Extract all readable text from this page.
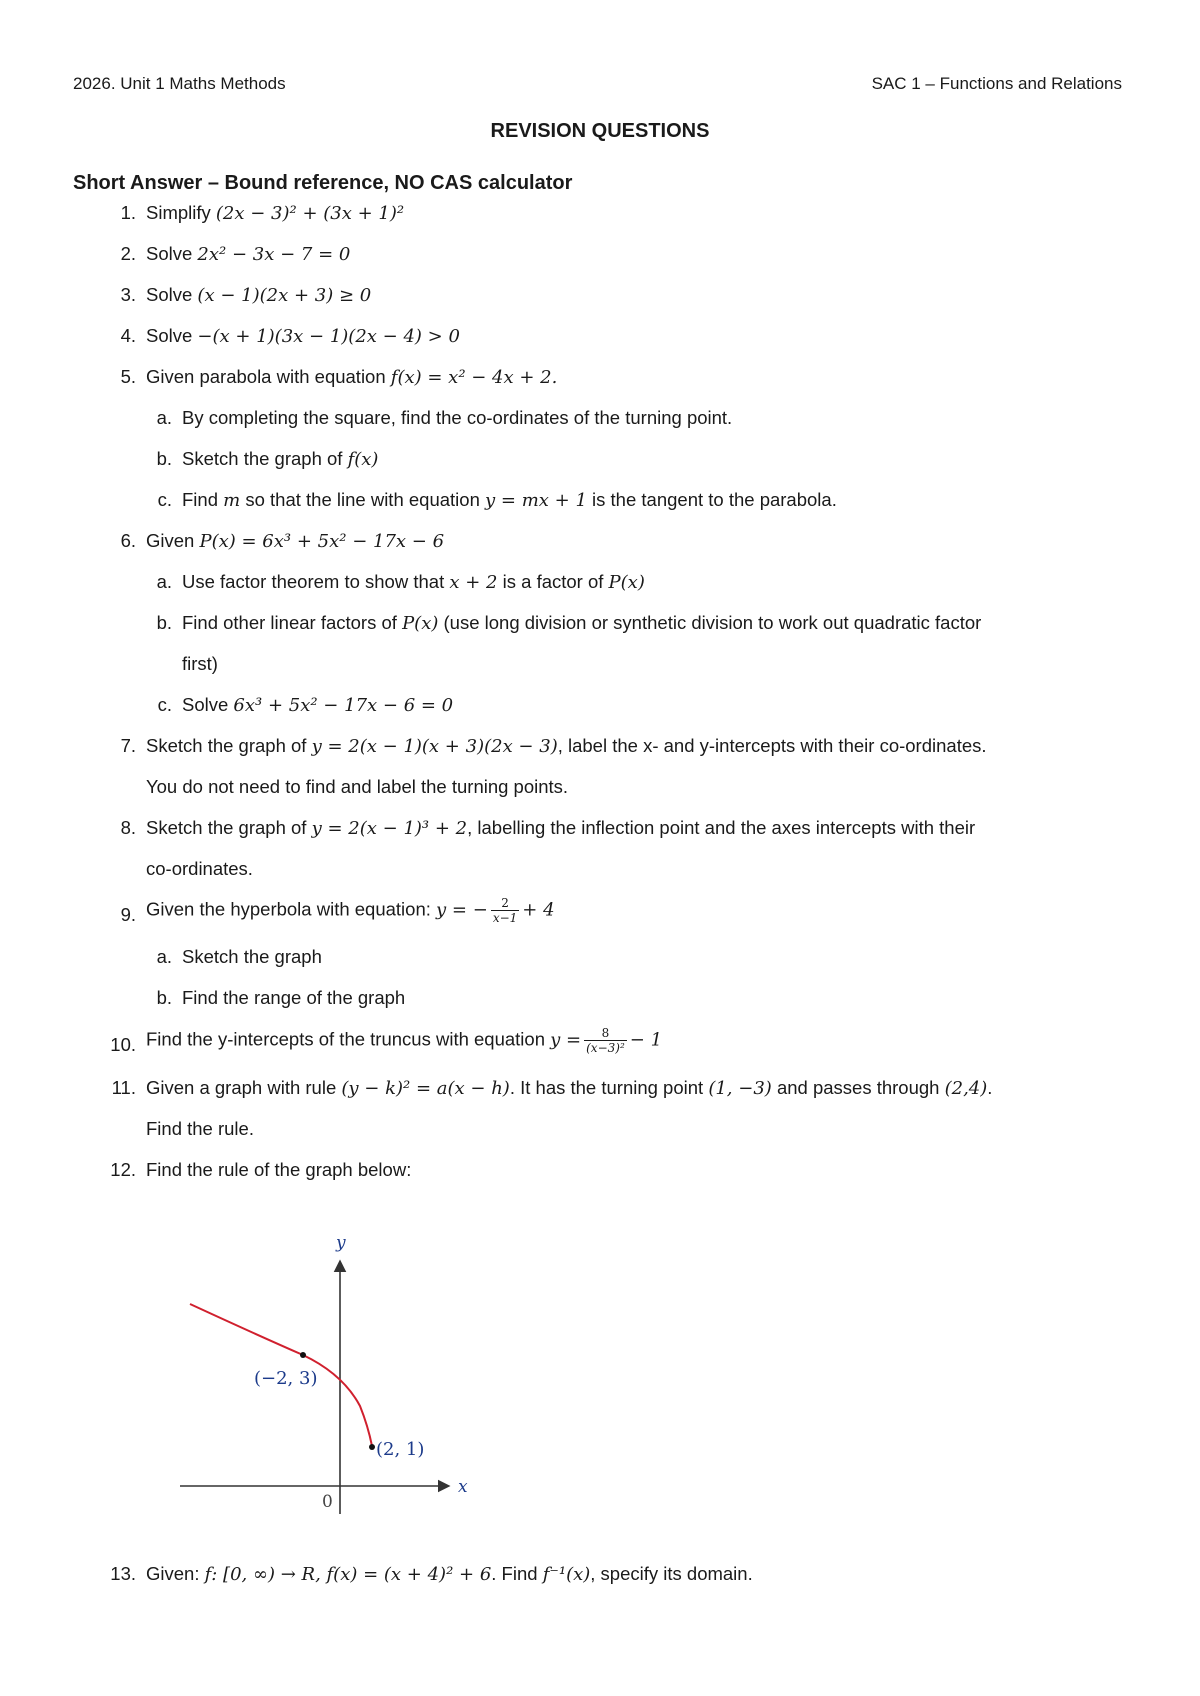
2026. Unit 1 Maths Methods	SAC 1 – Functions and Relations
REVISION QUESTIONS
Short Answer – Bound reference, NO CAS calculator
1. Simplify (2x − 3)² + (3x + 1)²
2. Solve 2x² − 3x − 7 = 0
3. Solve (x − 1)(2x + 3) ≥ 0
4. Solve −(x + 1)(3x − 1)(2x − 4) > 0
5. Given parabola with equation f(x) = x² − 4x + 2.
a. By completing the square, find the co-ordinates of the turning point.
b. Sketch the graph of f(x)
c. Find m so that the line with equation y = mx + 1 is the tangent to the parabola.
6. Given P(x) = 6x³ + 5x² − 17x − 6
a. Use factor theorem to show that x + 2 is a factor of P(x)
b. Find other linear factors of P(x) (use long division or synthetic division to work out quadratic factor
first)
c. Solve 6x³ + 5x² − 17x − 6 = 0
7. Sketch the graph of y = 2(x − 1)(x + 3)(2x − 3), label the x- and y-intercepts with their co-ordinates.
You do not need to find and label the turning points.
8. Sketch the graph of y = 2(x − 1)³ + 2, labelling the inflection point and the axes intercepts with their
co-ordinates.
9. Given the hyperbola with equation: y = − $\frac{2}{x-1} + 4$
a. Sketch the graph
b. Find the range of the graph
10. Find the y-intercepts of the truncus with equation $y = \frac{8}{\text{(x−3)²}} - 1$
11. Given a graph with rule (y − k)² = a(x − h). It has the turning point (1, −3) and passes through (2,4).
Find the rule.
12. Find the rule of the graph below:
y
x
0
(−2, 3)
(2, 1)
13. Given: f: [0, ∞) → R, f(x) = (x + 4)² + 6. Find f⁻¹(x), specify its domain.
